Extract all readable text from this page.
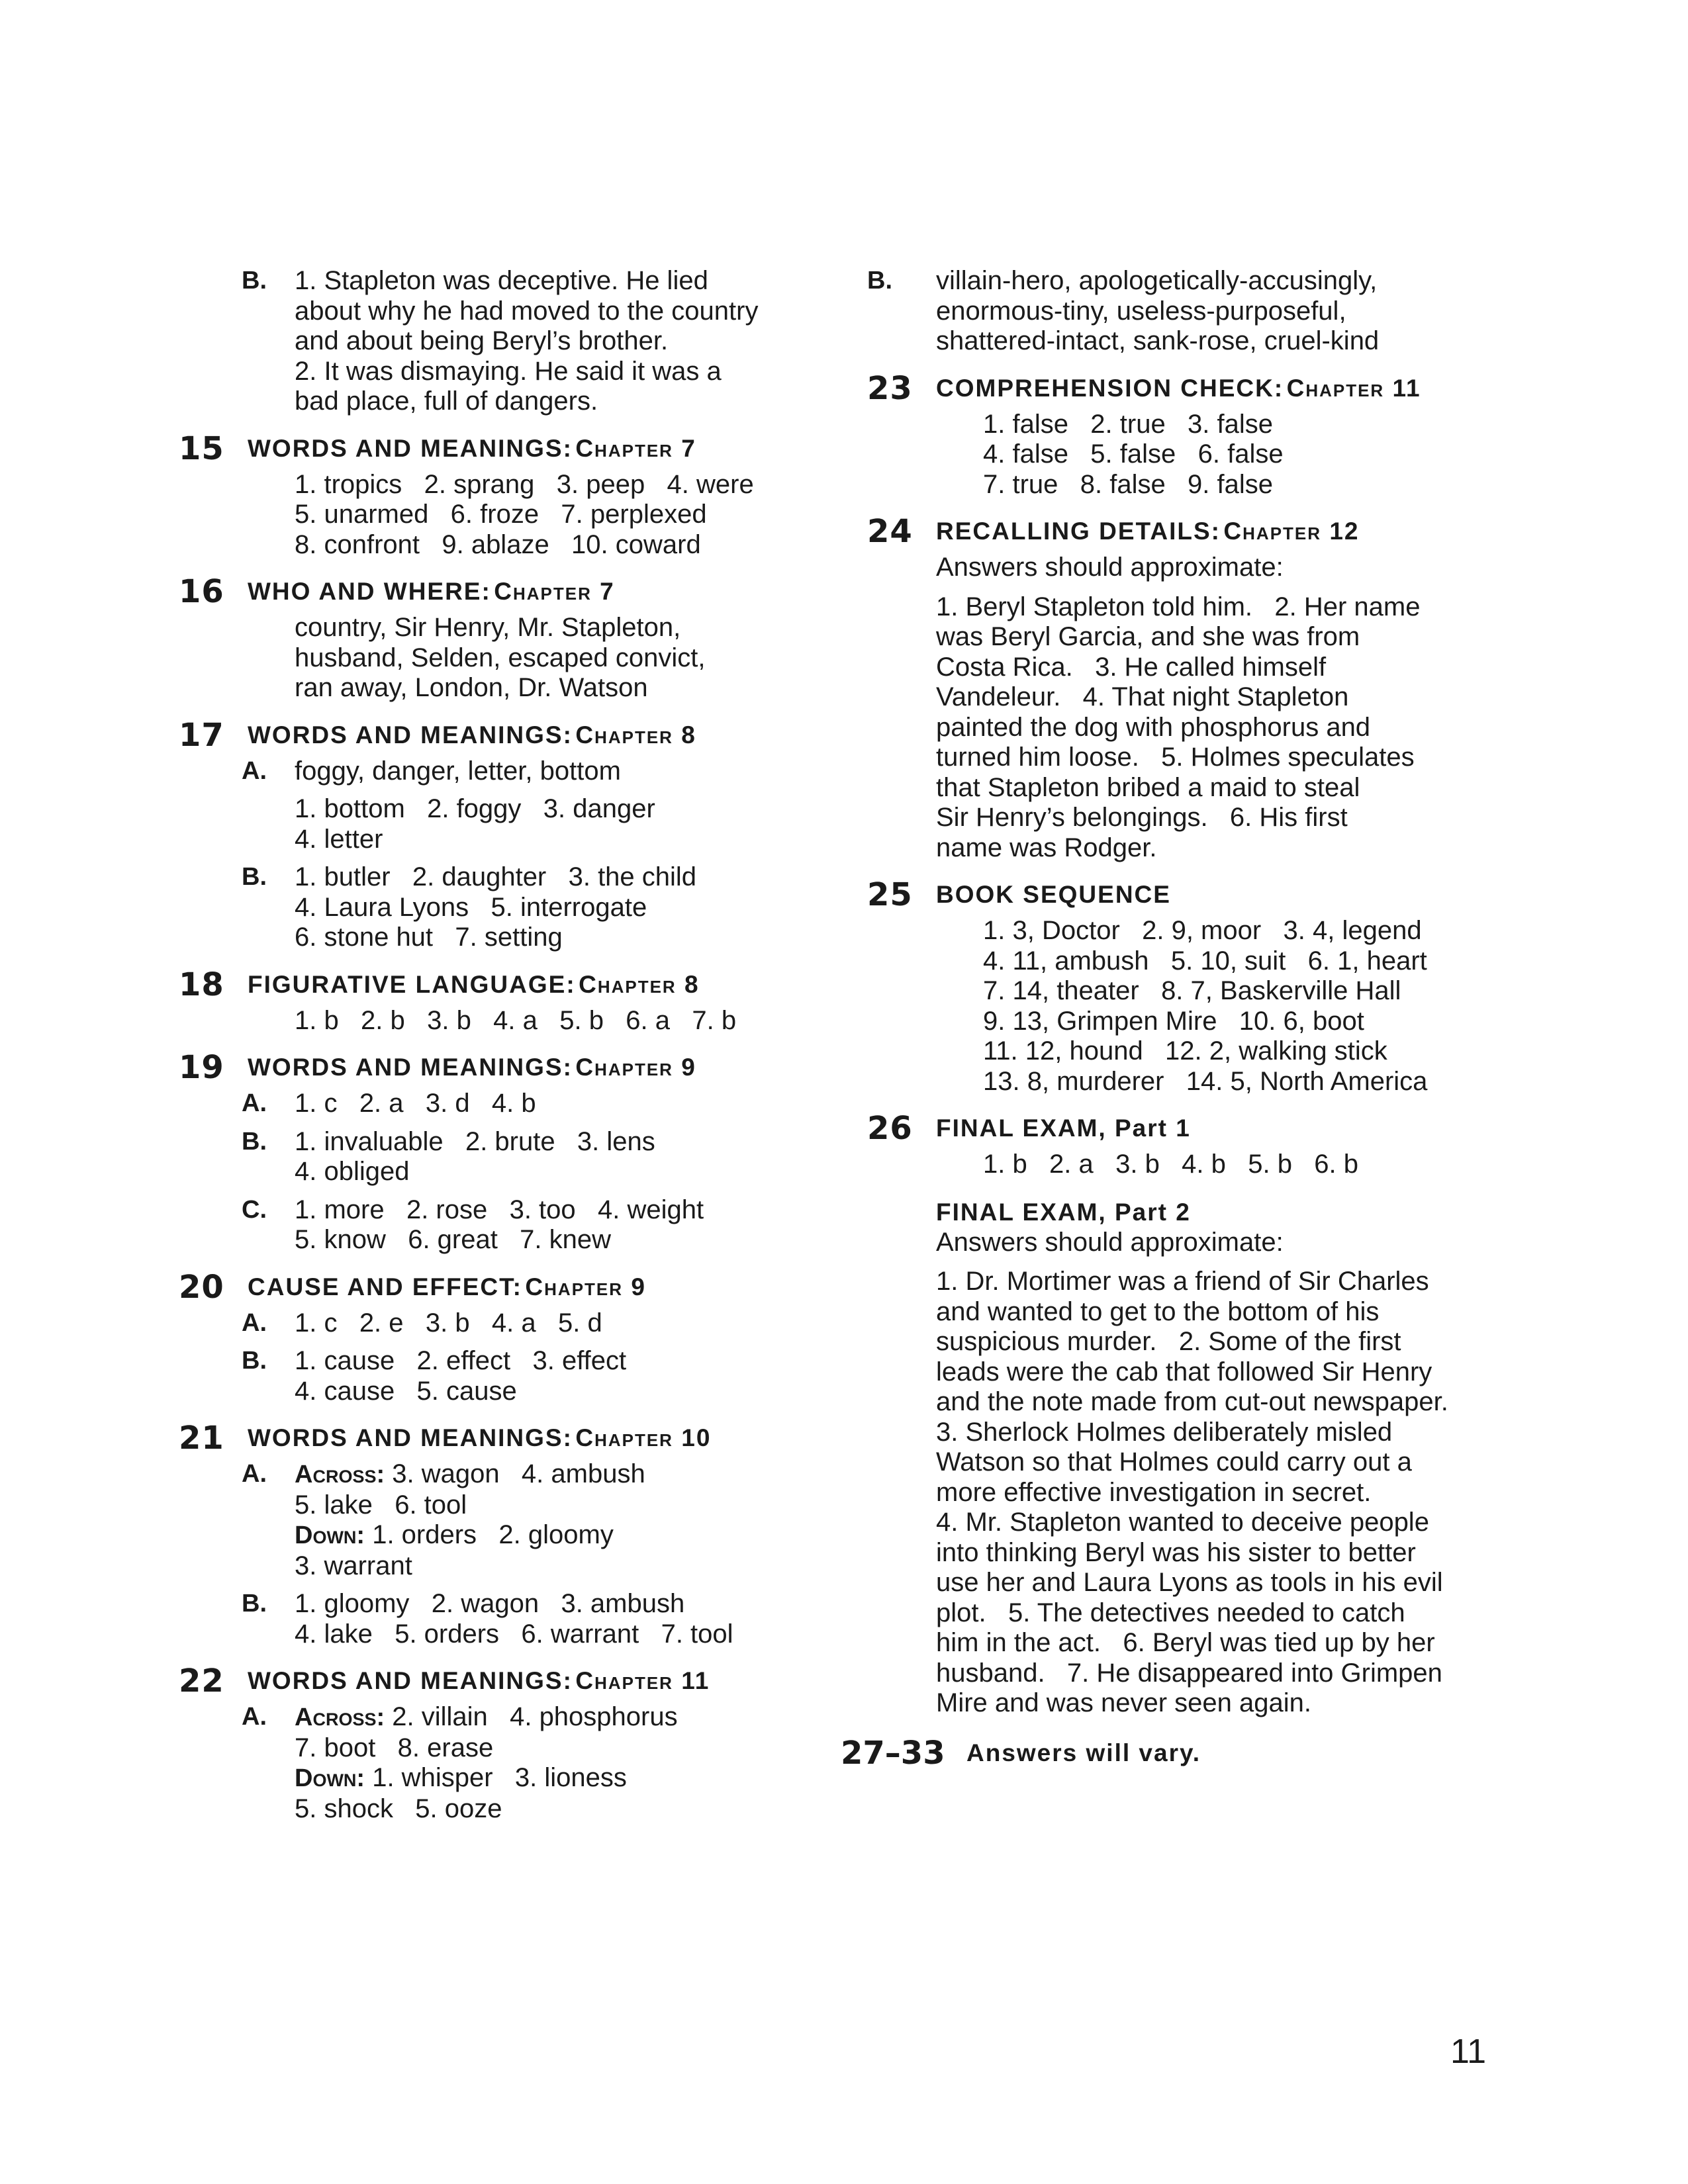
B. 1. Stapleton was deceptive. He lied
about why he had moved to the country
and about being Beryl’s brother.
2. It was dismaying. He said it was a
bad place, full of dangers.
15 WORDS AND MEANINGS: Chapter 7
1. tropics   2. sprang   3. peep   4. were
5. unarmed   6. froze   7. perplexed
8. confront   9. ablaze   10. coward
16 WHO AND WHERE: Chapter 7
country, Sir Henry, Mr. Stapleton,
husband, Selden, escaped convict,
ran away, London, Dr. Watson
17 WORDS AND MEANINGS: Chapter 8
A. foggy, danger, letter, bottom
1. bottom   2. foggy   3. danger
4. letter
B. 1. butler   2. daughter   3. the child
4. Laura Lyons   5. interrogate
6. stone hut   7. setting
18 FIGURATIVE LANGUAGE: Chapter 8
1. b   2. b   3. b   4. a   5. b   6. a   7. b
19 WORDS AND MEANINGS: Chapter 9
A. 1. c   2. a   3. d   4. b
B. 1. invaluable   2. brute   3. lens
4. obliged
C. 1. more   2. rose   3. too   4. weight
5. know   6. great   7. knew
20 CAUSE AND EFFECT: Chapter 9
A. 1. c   2. e   3. b   4. a   5. d
B. 1. cause   2. effect   3. effect
4. cause   5. cause
21 WORDS AND MEANINGS: Chapter 10
A. Across: 3. wagon   4. ambush
5. lake   6. tool
Down: 1. orders   2. gloomy
3. warrant
B. 1. gloomy   2. wagon   3. ambush
4. lake   5. orders   6. warrant   7. tool
22 WORDS AND MEANINGS: Chapter 11
A. Across: 2. villain   4. phosphorus
7. boot   8. erase
Down: 1. whisper   3. lioness
5. shock   5. ooze
B. villain-hero, apologetically-accusingly,
enormous-tiny, useless-purposeful,
shattered-intact, sank-rose, cruel-kind
23 COMPREHENSION CHECK: Chapter 11
1. false   2. true   3. false
4. false   5. false   6. false
7. true   8. false   9. false
24 RECALLING DETAILS: Chapter 12
Answers should approximate:
1. Beryl Stapleton told him.   2. Her name
was Beryl Garcia, and she was from
Costa Rica.   3. He called himself
Vandeleur.   4. That night Stapleton
painted the dog with phosphorus and
turned him loose.   5. Holmes speculates
that Stapleton bribed a maid to steal
Sir Henry’s belongings.   6. His first
name was Rodger.
25 BOOK SEQUENCE
1. 3, Doctor   2. 9, moor   3. 4, legend
4. 11, ambush   5. 10, suit   6. 1, heart
7. 14, theater   8. 7, Baskerville Hall
9. 13, Grimpen Mire   10. 6, boot
11. 12, hound   12. 2, walking stick
13. 8, murderer   14. 5, North America
26 FINAL EXAM, Part 1
1. b   2. a   3. b   4. b   5. b   6. b
FINAL EXAM, Part 2
Answers should approximate:
1. Dr. Mortimer was a friend of Sir Charles
and wanted to get to the bottom of his
suspicious murder.   2. Some of the first
leads were the cab that followed Sir Henry
and the note made from cut-out newspaper.
3. Sherlock Holmes deliberately misled
Watson so that Holmes could carry out a
more effective investigation in secret.
4. Mr. Stapleton wanted to deceive people
into thinking Beryl was his sister to better
use her and Laura Lyons as tools in his evil
plot.   5. The detectives needed to catch
him in the act.   6. Beryl was tied up by her
husband.   7. He disappeared into Grimpen
Mire and was never seen again.
27–33 Answers will vary.
11
